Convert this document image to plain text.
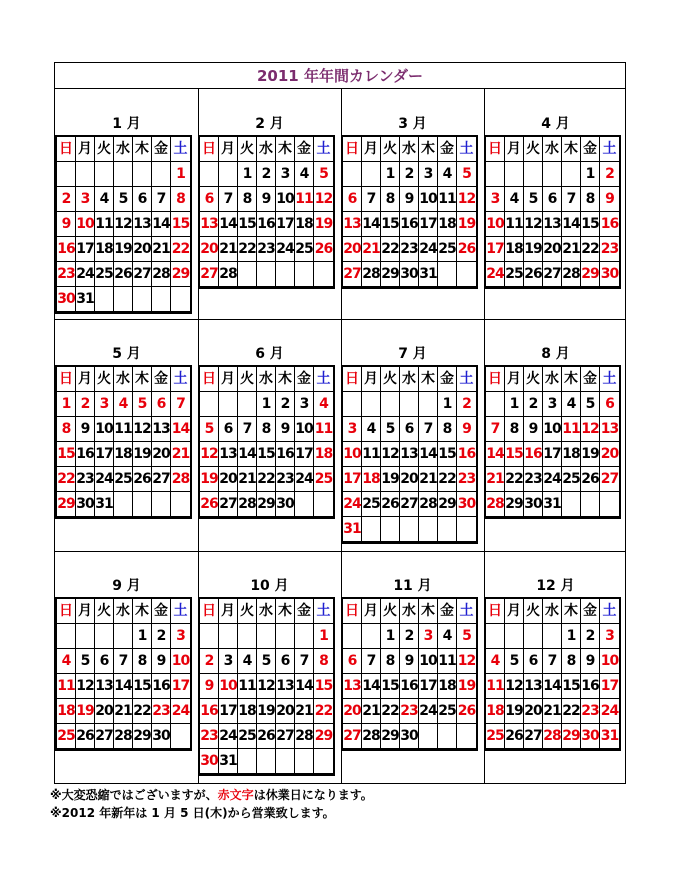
2011 年年間カレンダー
1 月
日 月 火 水 木 金 土
1
2 3 4 5 6 7 8
9 10 11 12 13 14 15
16 17 18 19 20 21 22
23 24 25 26 27 28 29
30 31
2 月
日 月 火 水 木 金 土
1 2 3 4 5
6 7 8 9 10 11 12
13 14 15 16 17 18 19
20 21 22 23 24 25 26
27 28
3 月
日 月 火 水 木 金 土
1 2 3 4 5
6 7 8 9 10 11 12
13 14 15 16 17 18 19
20 21 22 23 24 25 26
27 28 29 30 31
4 月
日 月 火 水 木 金 土
1 2
3 4 5 6 7 8 9
10 11 12 13 14 15 16
17 18 19 20 21 22 23
24 25 26 27 28 29 30
5 月
日 月 火 水 木 金 土
1 2 3 4 5 6 7
8 9 10 11 12 13 14
15 16 17 18 19 20 21
22 23 24 25 26 27 28
29 30 31
6 月
日 月 火 水 木 金 土
1 2 3 4
5 6 7 8 9 10 11
12 13 14 15 16 17 18
19 20 21 22 23 24 25
26 27 28 29 30
7 月
日 月 火 水 木 金 土
1 2
3 4 5 6 7 8 9
10 11 12 13 14 15 16
17 18 19 20 21 22 23
24 25 26 27 28 29 30
31
8 月
日 月 火 水 木 金 土
1 2 3 4 5 6
7 8 9 10 11 12 13
14 15 16 17 18 19 20
21 22 23 24 25 26 27
28 29 30 31
9 月
日 月 火 水 木 金 土
1 2 3
4 5 6 7 8 9 10
11 12 13 14 15 16 17
18 19 20 21 22 23 24
25 26 27 28 29 30
10 月
日 月 火 水 木 金 土
1
2 3 4 5 6 7 8
9 10 11 12 13 14 15
16 17 18 19 20 21 22
23 24 25 26 27 28 29
30 31
11 月
日 月 火 水 木 金 土
1 2 3 4 5
6 7 8 9 10 11 12
13 14 15 16 17 18 19
20 21 22 23 24 25 26
27 28 29 30
12 月
日 月 火 水 木 金 土
1 2 3
4 5 6 7 8 9 10
11 12 13 14 15 16 17
18 19 20 21 22 23 24
25 26 27 28 29 30 31
※大変恐縮ではございますが、赤文字は休業日になります。
※2012 年新年は 1 月 5 日(木)から営業致します。
